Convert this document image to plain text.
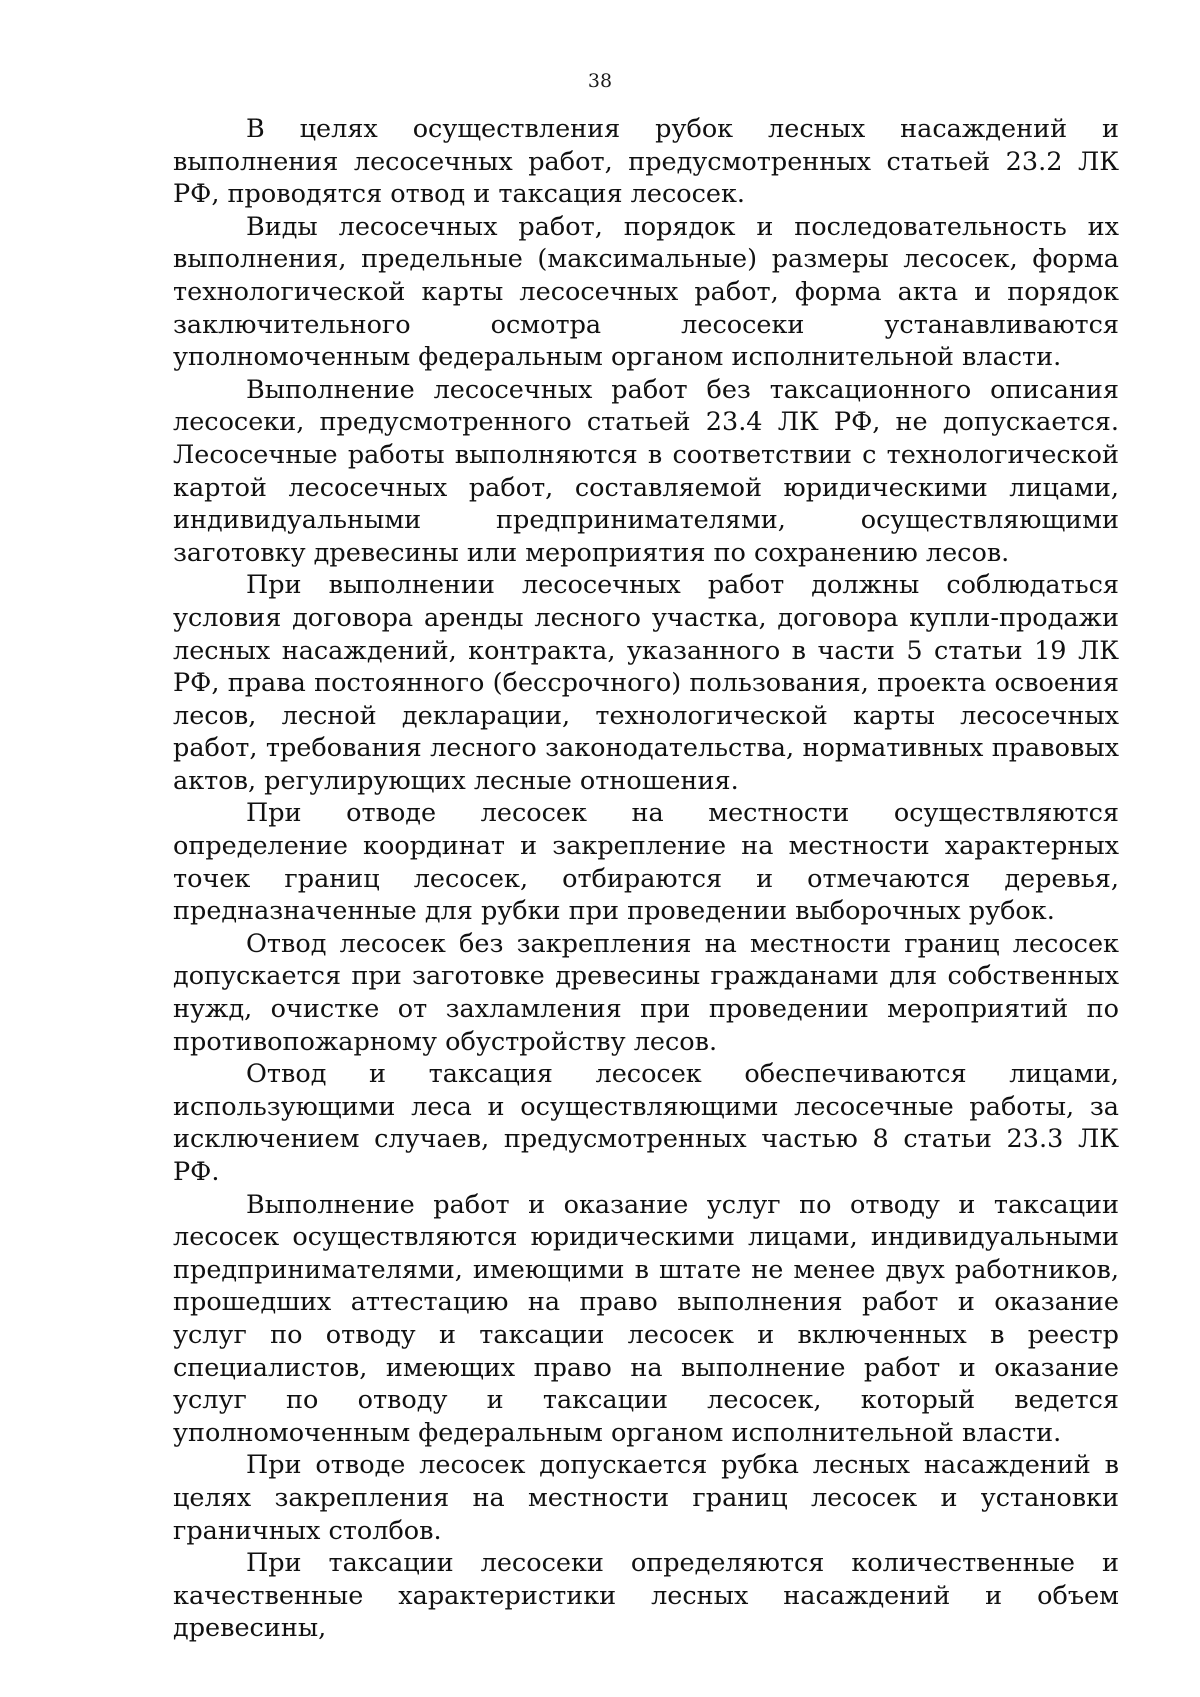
38

В целях осуществления рубок лесных насаждений и выполнения лесосечных работ, предусмотренных статьей 23.2 ЛК РФ, проводятся отвод и таксация лесосек.

Виды лесосечных работ, порядок и последовательность их выполнения, предельные (максимальные) размеры лесосек, форма технологической карты лесосечных работ, форма акта и порядок заключительного осмотра лесосеки устанавливаются уполномоченным федеральным органом исполнительной власти.

Выполнение лесосечных работ без таксационного описания лесосеки, предусмотренного статьей 23.4 ЛК РФ, не допускается. Лесосечные работы выполняются в соответствии с технологической картой лесосечных работ, составляемой юридическими лицами, индивидуальными предпринимателями, осуществляющими заготовку древесины или мероприятия по сохранению лесов.

При выполнении лесосечных работ должны соблюдаться условия договора аренды лесного участка, договора купли-продажи лесных насаждений, контракта, указанного в части 5 статьи 19 ЛК РФ, права постоянного (бессрочного) пользования, проекта освоения лесов, лесной декларации, технологической карты лесосечных работ, требования лесного законодательства, нормативных правовых актов, регулирующих лесные отношения.

При отводе лесосек на местности осуществляются определение координат и закрепление на местности характерных точек границ лесосек, отбираются и отмечаются деревья, предназначенные для рубки при проведении выборочных рубок.

Отвод лесосек без закрепления на местности границ лесосек допускается при заготовке древесины гражданами для собственных нужд, очистке от захламления при проведении мероприятий по противопожарному обустройству лесов.

Отвод и таксация лесосек обеспечиваются лицами, использующими леса и осуществляющими лесосечные работы, за исключением случаев, предусмотренных частью 8 статьи 23.3 ЛК РФ.

Выполнение работ и оказание услуг по отводу и таксации лесосек осуществляются юридическими лицами, индивидуальными предпринимателями, имеющими в штате не менее двух работников, прошедших аттестацию на право выполнения работ и оказание услуг по отводу и таксации лесосек и включенных в реестр специалистов, имеющих право на выполнение работ и оказание услуг по отводу и таксации лесосек, который ведется уполномоченным федеральным органом исполнительной власти.

При отводе лесосек допускается рубка лесных насаждений в целях закрепления на местности границ лесосек и установки граничных столбов.

При таксации лесосеки определяются количественные и качественные характеристики лесных насаждений и объем древесины,
